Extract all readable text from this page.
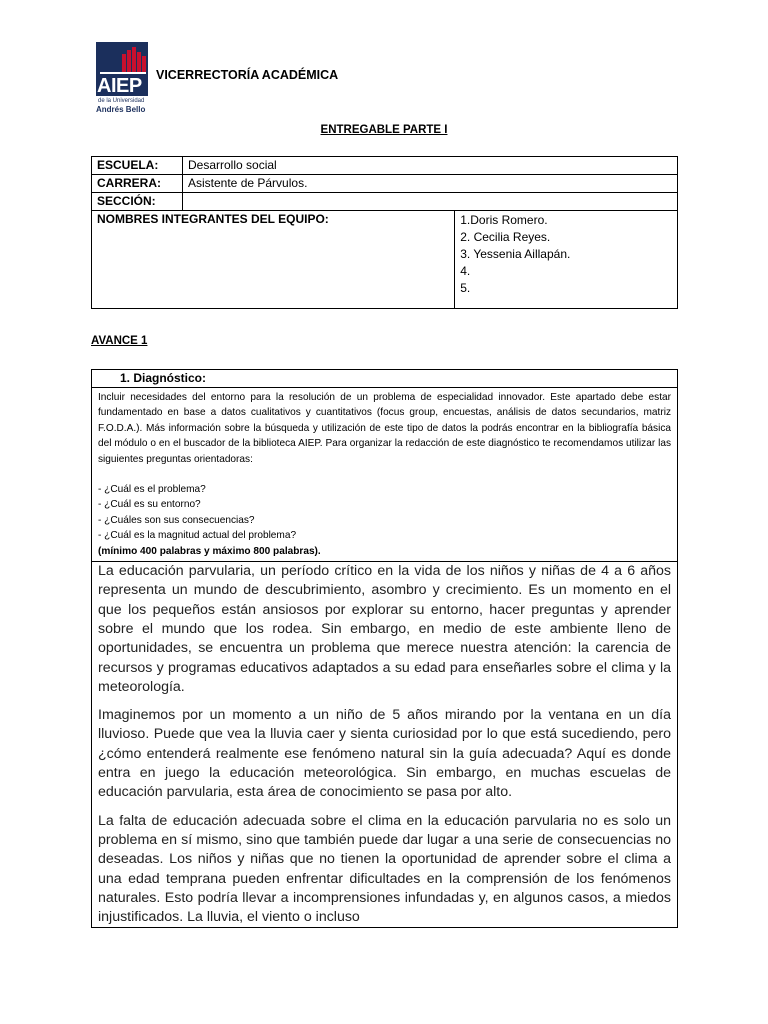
AIEP
de la Universidad
Andrés Bello
VICERRECTORÍA ACADÉMICA
ENTREGABLE PARTE I
ESCUELA:	Desarrollo social	
CARRERA:	Asistente de Párvulos.	
SECCIÓN:		
NOMBRES INTEGRANTES DEL EQUIPO:		1.Doris Romero.
2. Cecilia Reyes.
3. Yessenia Aillapán.
4.
5.
AVANCE 1
1. Diagnóstico:

Incluir necesidades del entorno para la resolución de un problema de especialidad innovador. Este apartado debe estar fundamentado en base a datos cualitativos y cuantitativos (focus group, encuestas, análisis de datos secundarios, matriz F.O.D.A.). Más información sobre la búsqueda y utilización de este tipo de datos la podrás encontrar en la bibliografía básica del módulo o en el buscador de la biblioteca AIEP. Para organizar la redacción de este diagnóstico te recomendamos utilizar las siguientes preguntas orientadoras:

- ¿Cuál es el problema?

- ¿Cuál es su entorno?

- ¿Cuáles son sus consecuencias?

- ¿Cuál es la magnitud actual del problema?

(mínimo 400 palabras y máximo 800 palabras).

La educación parvularia, un período crítico en la vida de los niños y niñas de 4 a 6 años representa un mundo de descubrimiento, asombro y crecimiento. Es un momento en el que los pequeños están ansiosos por explorar su entorno, hacer preguntas y aprender sobre el mundo que los rodea. Sin embargo, en medio de este ambiente lleno de oportunidades, se encuentra un problema que merece nuestra atención: la carencia de recursos y programas educativos adaptados a su edad para enseñarles sobre el clima y la meteorología.

Imaginemos por un momento a un niño de 5 años mirando por la ventana en un día lluvioso. Puede que vea la lluvia caer y sienta curiosidad por lo que está sucediendo, pero ¿cómo entenderá realmente ese fenómeno natural sin la guía adecuada? Aquí es donde entra en juego la educación meteorológica. Sin embargo, en muchas escuelas de educación parvularia, esta área de conocimiento se pasa por alto.

La falta de educación adecuada sobre el clima en la educación parvularia no es solo un problema en sí mismo, sino que también puede dar lugar a una serie de consecuencias no deseadas. Los niños y niñas que no tienen la oportunidad de aprender sobre el clima a una edad temprana pueden enfrentar dificultades en la comprensión de los fenómenos naturales. Esto podría llevar a incomprensiones infundadas y, en algunos casos, a miedos injustificados. La lluvia, el viento o incluso
